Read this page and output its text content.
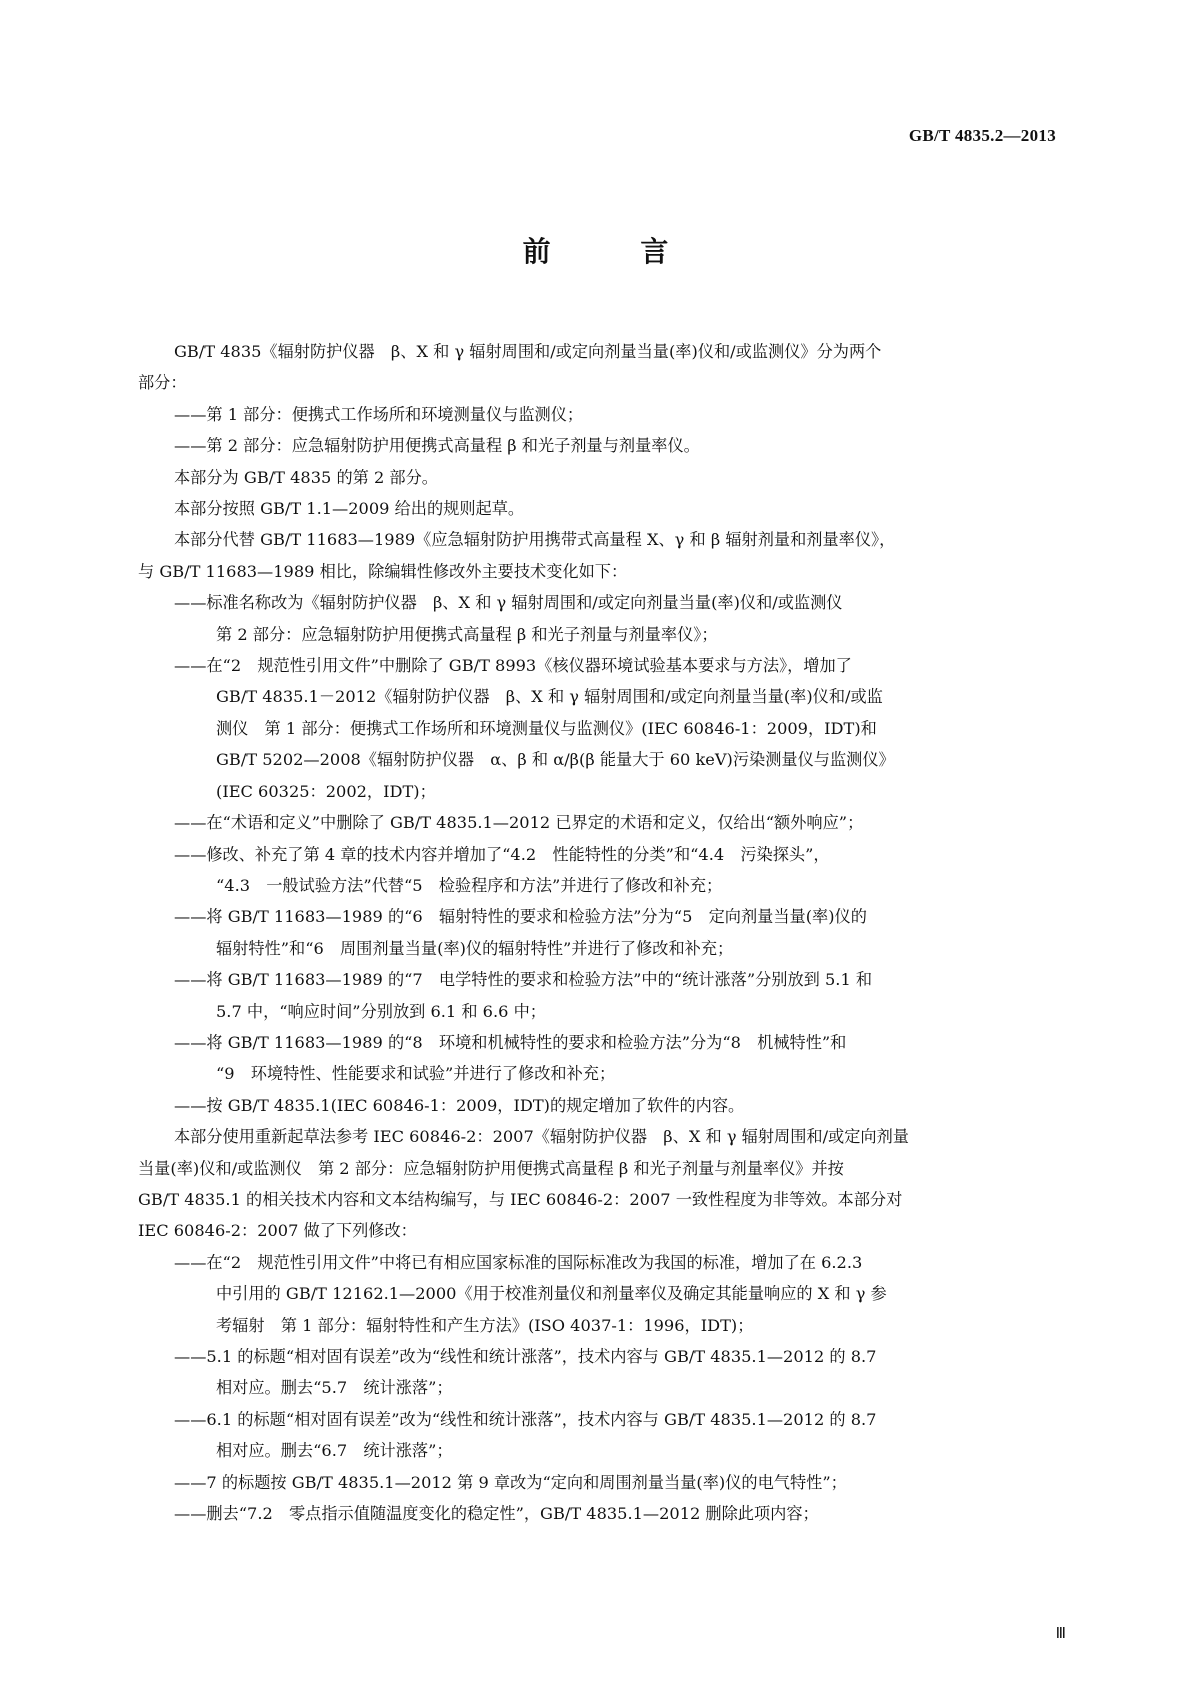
GB/T 4835.2—2013
前 言
GB/T 4835《辐射防护仪器　β、X 和 γ 辐射周围和/或定向剂量当量(率)仪和/或监测仪》分为两个
部分：
——第 1 部分：便携式工作场所和环境测量仪与监测仪；
——第 2 部分：应急辐射防护用便携式高量程 β 和光子剂量与剂量率仪。
本部分为 GB/T 4835 的第 2 部分。
本部分按照 GB/T 1.1—2009 给出的规则起草。
本部分代替 GB/T 11683—1989《应急辐射防护用携带式高量程 X、γ 和 β 辐射剂量和剂量率仪》，
与 GB/T 11683—1989 相比，除编辑性修改外主要技术变化如下：
——标准名称改为《辐射防护仪器　β、X 和 γ 辐射周围和/或定向剂量当量(率)仪和/或监测仪
第 2 部分：应急辐射防护用便携式高量程 β 和光子剂量与剂量率仪》；
——在“2　规范性引用文件”中删除了 GB/T 8993《核仪器环境试验基本要求与方法》，增加了
GB/T 4835.1－2012《辐射防护仪器　β、X 和 γ 辐射周围和/或定向剂量当量(率)仪和/或监
测仪　第 1 部分：便携式工作场所和环境测量仪与监测仪》(IEC 60846-1：2009，IDT)和
GB/T 5202—2008《辐射防护仪器　α、β 和 α/β(β 能量大于 60 keV)污染测量仪与监测仪》
(IEC 60325：2002，IDT)；
——在“术语和定义”中删除了 GB/T 4835.1—2012 已界定的术语和定义，仅给出“额外响应”；
——修改、补充了第 4 章的技术内容并增加了“4.2　性能特性的分类”和“4.4　污染探头”，
“4.3　一般试验方法”代替“5　检验程序和方法”并进行了修改和补充；
——将 GB/T 11683—1989 的“6　辐射特性的要求和检验方法”分为“5　定向剂量当量(率)仪的
辐射特性”和“6　周围剂量当量(率)仪的辐射特性”并进行了修改和补充；
——将 GB/T 11683—1989 的“7　电学特性的要求和检验方法”中的“统计涨落”分别放到 5.1 和
5.7 中，“响应时间”分别放到 6.1 和 6.6 中；
——将 GB/T 11683—1989 的“8　环境和机械特性的要求和检验方法”分为“8　机械特性”和
“9　环境特性、性能要求和试验”并进行了修改和补充；
——按 GB/T 4835.1(IEC 60846-1：2009，IDT)的规定增加了软件的内容。
本部分使用重新起草法参考 IEC 60846-2：2007《辐射防护仪器　β、X 和 γ 辐射周围和/或定向剂量
当量(率)仪和/或监测仪　第 2 部分：应急辐射防护用便携式高量程 β 和光子剂量与剂量率仪》并按
GB/T 4835.1 的相关技术内容和文本结构编写，与 IEC 60846-2：2007 一致性程度为非等效。本部分对
IEC 60846-2：2007 做了下列修改：
——在“2　规范性引用文件”中将已有相应国家标准的国际标准改为我国的标准，增加了在 6.2.3
中引用的 GB/T 12162.1—2000《用于校准剂量仪和剂量率仪及确定其能量响应的 X 和 γ 参
考辐射　第 1 部分：辐射特性和产生方法》(ISO 4037-1：1996，IDT)；
——5.1 的标题“相对固有误差”改为“线性和统计涨落”，技术内容与 GB/T 4835.1—2012 的 8.7
相对应。删去“5.7　统计涨落”；
——6.1 的标题“相对固有误差”改为“线性和统计涨落”，技术内容与 GB/T 4835.1—2012 的 8.7
相对应。删去“6.7　统计涨落”；
——7 的标题按 GB/T 4835.1—2012 第 9 章改为“定向和周围剂量当量(率)仪的电气特性”；
——删去“7.2　零点指示值随温度变化的稳定性”，GB/T 4835.1—2012 删除此项内容；
Ⅲ
